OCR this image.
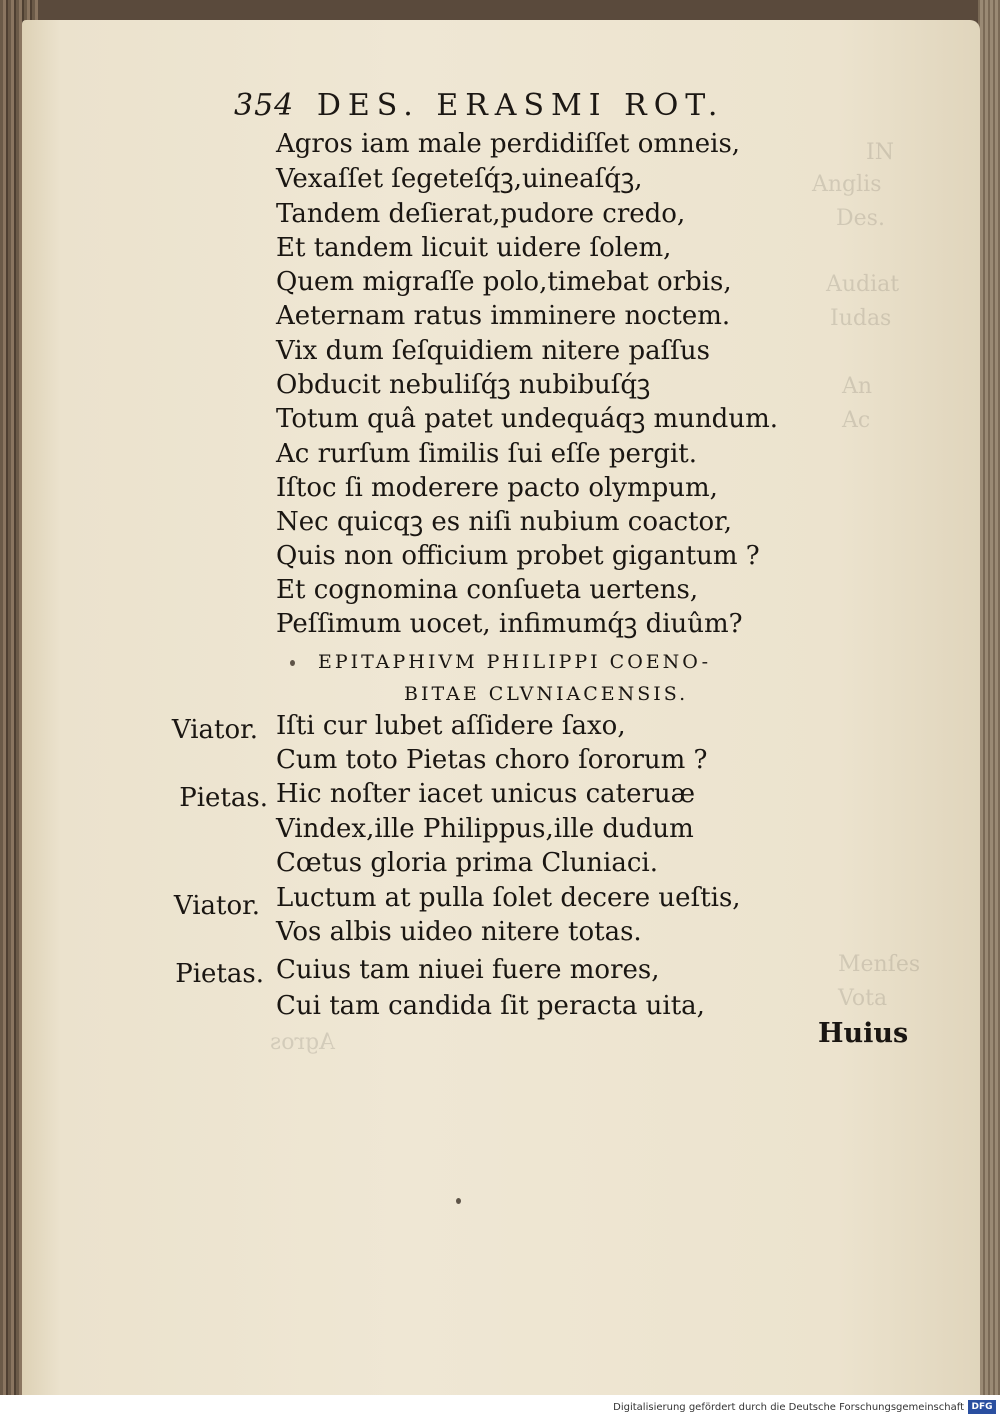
IN
Anglis
Des.
Audiat
Iudas
An
Ac
Menſes
Vota
Agros
354 DES. ERASMI ROT.
Agros iam male perdidiſſet omneis,
Vexaſſet ſegeteſq́ꝫ,uineaſq́ꝫ,
Tandem deſierat,pudore credo,
Et tandem licuit uidere ſolem,
Quem migraſſe polo,timebat orbis,
Aeternam ratus imminere noctem.
Vix dum ſeſquidiem nitere paſſus
Obducit nebuliſq́ꝫ nubibuſq́ꝫ
Totum quâ patet undequáqꝫ mundum.
Ac rurſum ſimilis ſui eſſe pergit.
Iſtoc ſi moderere pacto olympum,
Nec quicqꝫ es niſi nubium coactor,
Quis non officium probet gigantum ?
Et cognomina conſueta uertens,
Peſſimum uocet, infimumq́ꝫ diuûm?
EPITAPHIVM PHILIPPI COENO-
BITAE CLVNIACENSIS.
Viator. Iſti cur lubet aſſidere ſaxo,
Cum toto Pietas choro ſororum ?
Pietas. Hic noſter iacet unicus cateruæ
Vindex,ille Philippus,ille dudum
Cœtus gloria prima Cluniaci.
Viator. Luctum at pulla ſolet decere ueſtis,
Vos albis uideo nitere totas.
Pietas. Cuius tam niuei fuere mores,
Cui tam candida ſit peracta uita,
Huius
Digitalisierung gefördert durch die Deutsche Forschungsgemeinschaft DFG
